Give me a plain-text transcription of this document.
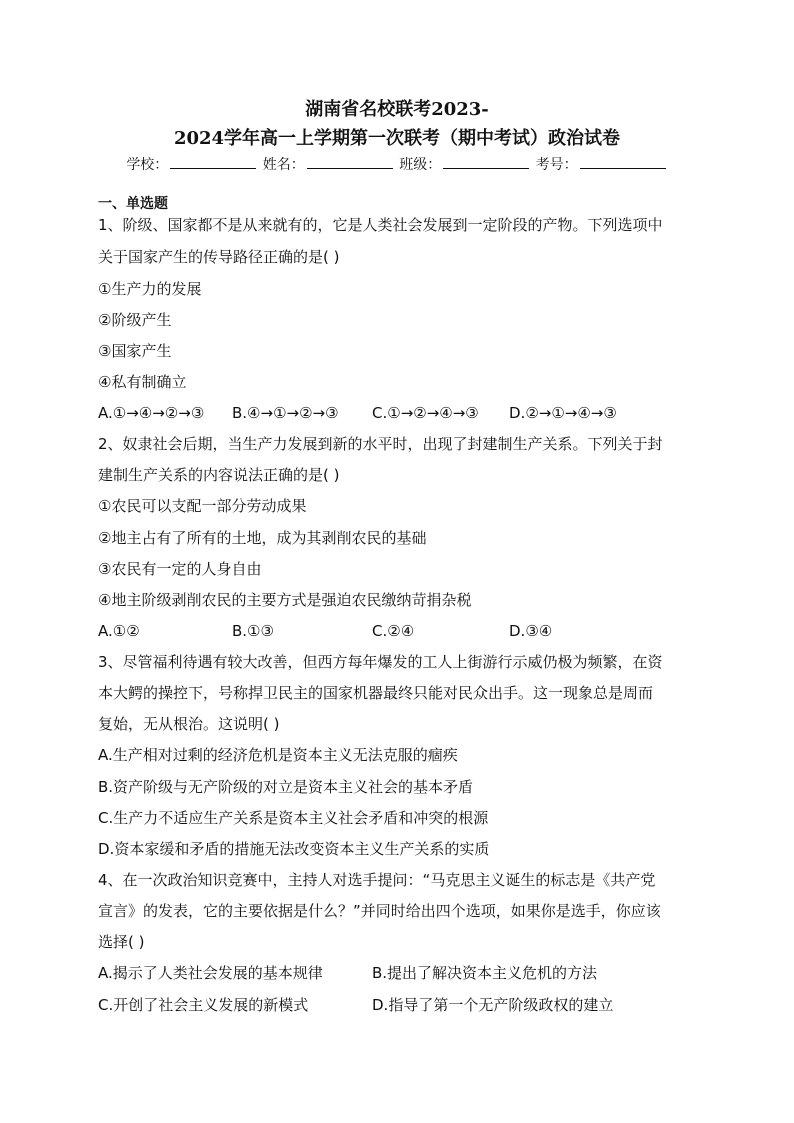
湖南省名校联考2023-
2024学年高一上学期第一次联考（期中考试）政治试卷
学校：	姓名：	班级：	考号：
一、单选题
1、阶级、国家都不是从来就有的，它是人类社会发展到一定阶段的产物。下列选项中
关于国家产生的传导路径正确的是( )
①生产力的发展
②阶级产生
③国家产生
④私有制确立
A.①→④→②→③ B.④→①→②→③ C.①→②→④→③ D.②→①→④→③
2、奴隶社会后期，当生产力发展到新的水平时，出现了封建制生产关系。下列关于封
建制生产关系的内容说法正确的是( )
①农民可以支配一部分劳动成果
②地主占有了所有的土地，成为其剥削农民的基础
③农民有一定的人身自由
④地主阶级剥削农民的主要方式是强迫农民缴纳苛捐杂税
A.①②	B.①③	C.②④	D.③④
3、尽管福利待遇有较大改善，但西方每年爆发的工人上街游行示威仍极为频繁，在资
本大鳄的操控下，号称捍卫民主的国家机器最终只能对民众出手。这一现象总是周而
复始，无从根治。这说明( )
A.生产相对过剩的经济危机是资本主义无法克服的痼疾
B.资产阶级与无产阶级的对立是资本主义社会的基本矛盾
C.生产力不适应生产关系是资本主义社会矛盾和冲突的根源
D.资本家缓和矛盾的措施无法改变资本主义生产关系的实质
4、在一次政治知识竞赛中，主持人对选手提问：“马克思主义诞生的标志是《共产党
宣言》的发表，它的主要依据是什么？”并同时给出四个选项，如果你是选手，你应该
选择( )
A.揭示了人类社会发展的基本规律	B.提出了解决资本主义危机的方法
C.开创了社会主义发展的新模式	D.指导了第一个无产阶级政权的建立
